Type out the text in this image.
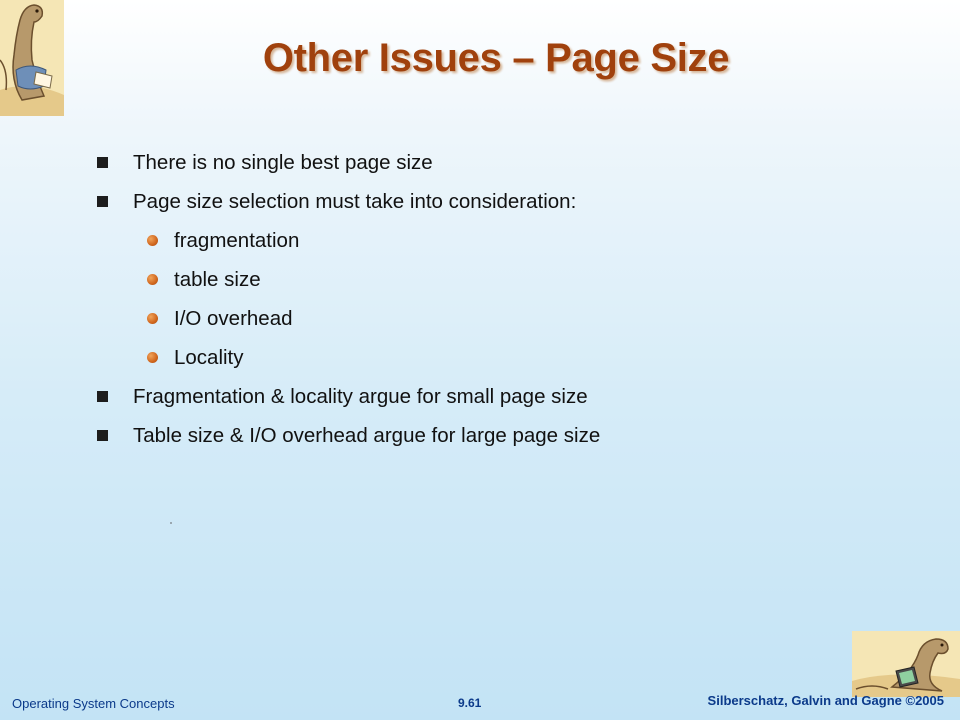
Other Issues – Page Size
There is no single best page size
Page size selection must take into consideration:
fragmentation
table size
I/O overhead
Locality
Fragmentation & locality argue for small page size
Table size & I/O overhead argue for large page size
Operating System Concepts	9.61	Silberschatz, Galvin and Gagne ©2005
